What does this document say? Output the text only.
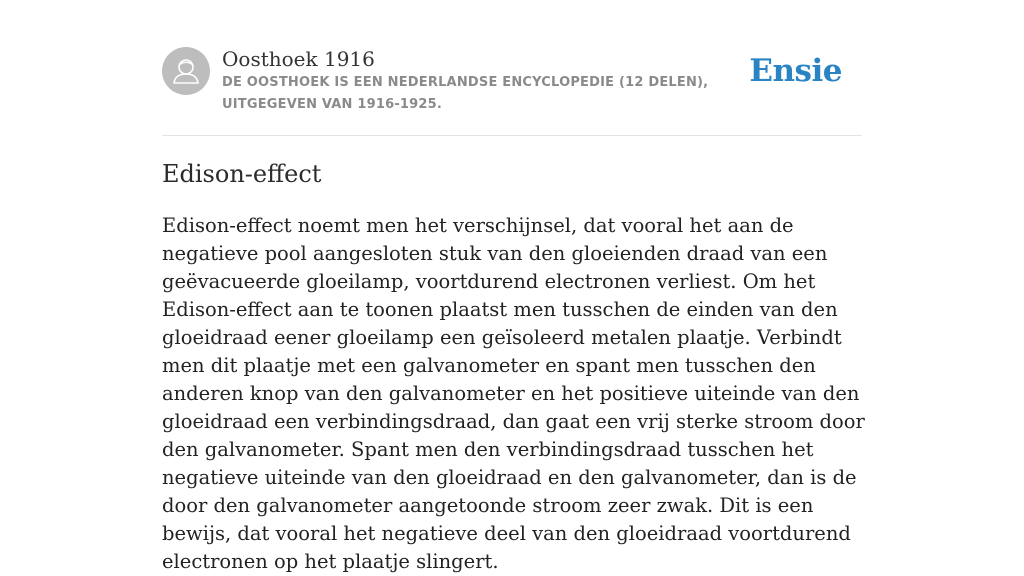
Oosthoek 1916
DE OOSTHOEK IS EEN NEDERLANDSE ENCYCLOPEDIE (12 DELEN), UITGEGEVEN VAN 1916-1925.
Ensie
Edison-effect

Edison-effect noemt men het verschijnsel, dat vooral het aan de negatieve pool aangesloten stuk van den gloeienden draad van een geëvacueerde gloeilamp, voortdurend electronen verliest. Om het Edison-effect aan te toonen plaatst men tusschen de einden van den gloeidraad eener gloeilamp een geïsoleerd metalen plaatje. Verbindt men dit plaatje met een galvanometer en spant men tusschen den anderen knop van den galvanometer en het positieve uiteinde van den gloeidraad een verbindingsdraad, dan gaat een vrij sterke stroom door den galvanometer. Spant men den verbindingsdraad tusschen het negatieve uiteinde van den gloeidraad en den galvanometer, dan is de door den galvanometer aangetoonde stroom zeer zwak. Dit is een bewijs, dat vooral het negatieve deel van den gloeidraad voortdurend electronen op het plaatje slingert.
